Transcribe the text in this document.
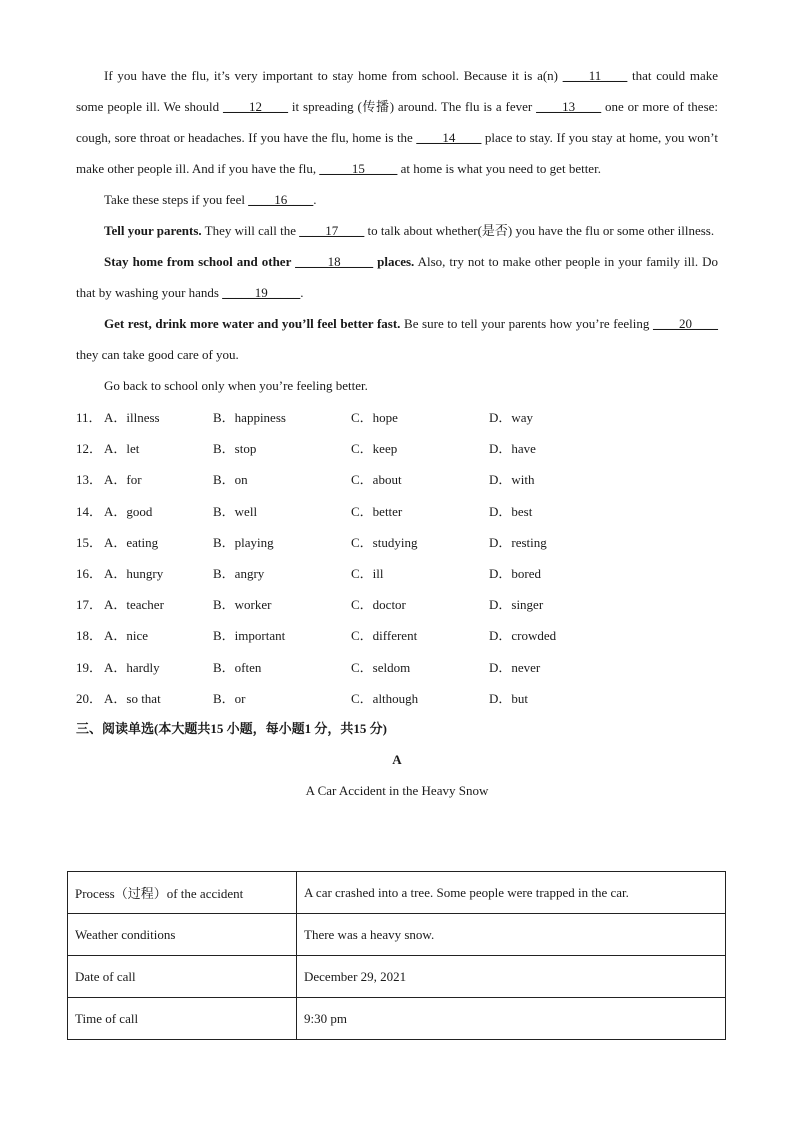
If you have the flu, it’s very important to stay home from school. Because it is a(n) ____11____ that could make some people ill. We should ____12____ it spreading (传播) around. The flu is a fever ____13____ one or more of these: cough, sore throat or headaches. If you have the flu, home is the ____14____ place to stay. If you stay at home, you won’t make other people ill. And if you have the flu, _____15_____ at home is what you need to get better.

Take these steps if you feel ____16____.

Tell your parents. They will call the ____17____ to talk about whether(是否) you have the flu or some other illness.

Stay home from school and other _____18_____ places. Also, try not to make other people in your family ill. Do that by washing your hands _____19_____.

Get rest, drink more water and you’ll feel better fast. Be sure to tell your parents how you’re feeling ____20____ they can take good care of you.

Go back to school only when you’re feeling better.

11． A．illness	B．happiness	C．hope	D．way
12． A．let	B．stop	C．keep	D．have
13． A．for	B．on	C．about	D．with
14． A．good	B．well	C．better	D．best
15． A．eating	B．playing	C．studying	D．resting
16． A．hungry	B．angry	C．ill	D．bored
17． A．teacher	B．worker	C．doctor	D．singer
18． A．nice	B．important	C．different	D．crowded
19． A．hardly	B．often	C．seldom	D．never
20． A．so that	B．or	C．although	D．but
三、阅读单选(本大题共15 小题，每小题1 分，共15 分)
A
A Car Accident in the Heavy Snow
Process（过程）of the accident	A car crashed into a tree. Some people were trapped in the car.
Weather conditions	There was a heavy snow.
Date of call	December 29, 2021
Time of call	9:30 pm
